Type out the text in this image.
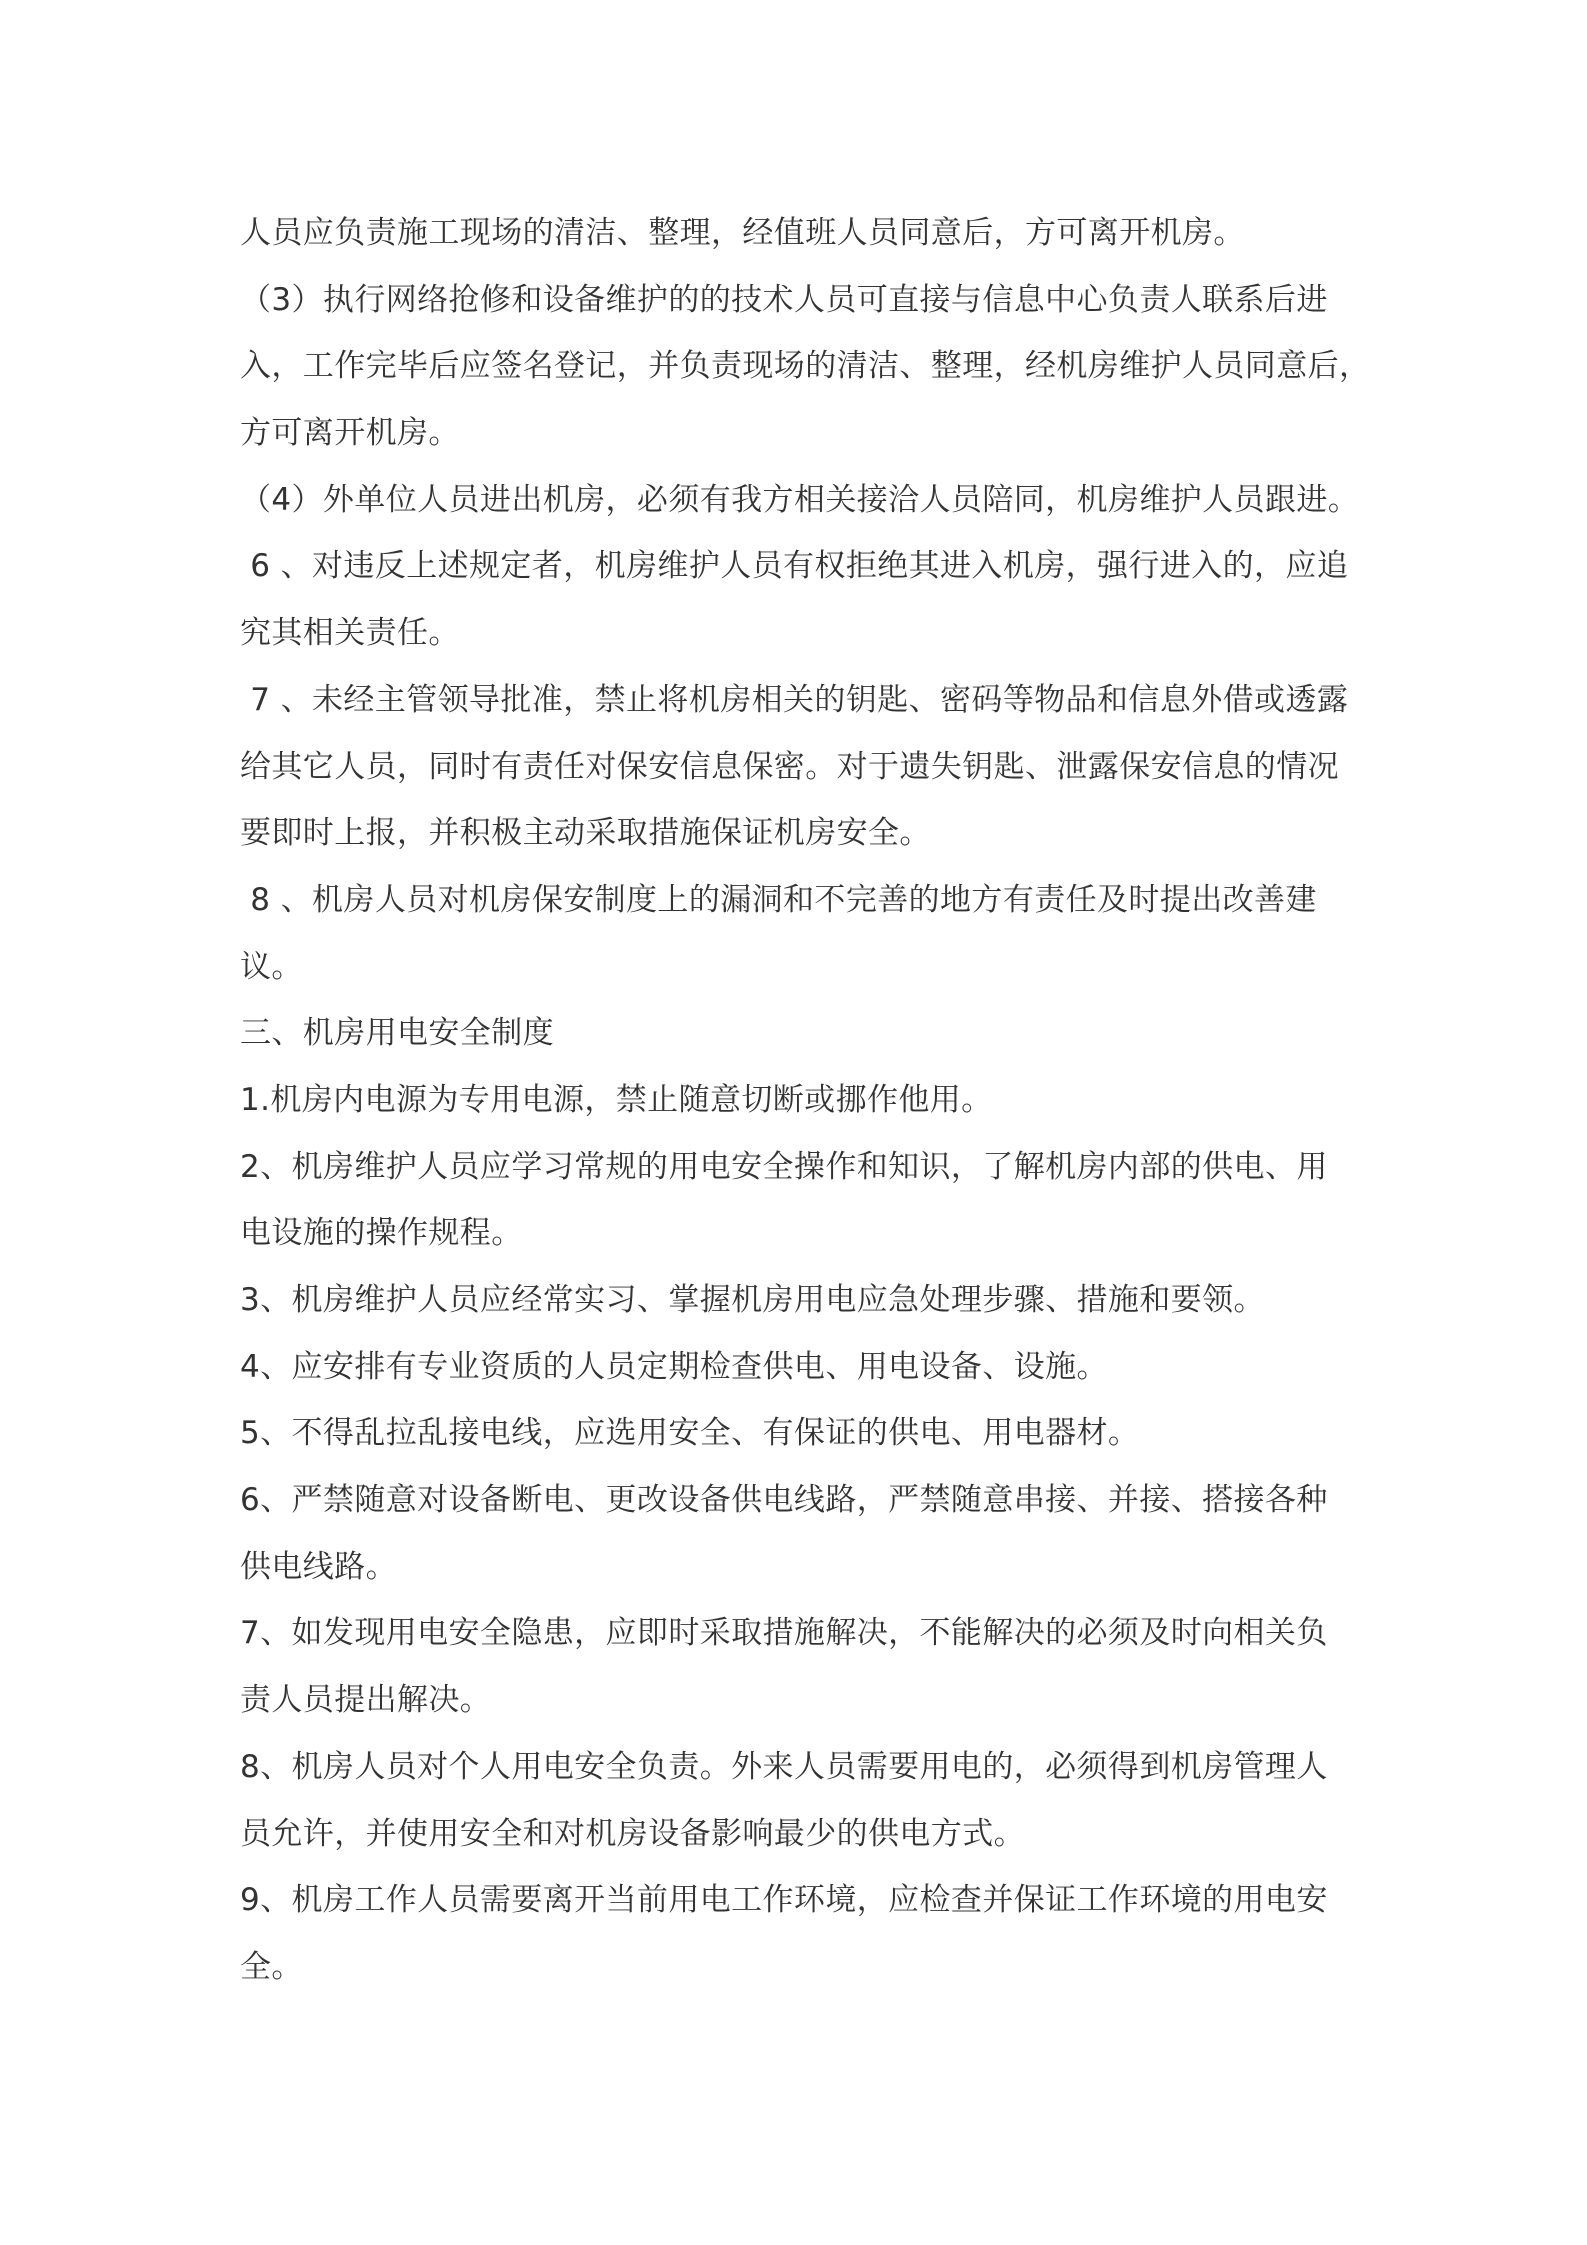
人员应负责施工现场的清洁、整理，经值班人员同意后，方可离开机房。
（3）执行网络抢修和设备维护的的技术人员可直接与信息中心负责人联系后进
入，工作完毕后应签名登记，并负责现场的清洁、整理，经机房维护人员同意后，
方可离开机房。
（4）外单位人员进出机房，必须有我方相关接洽人员陪同，机房维护人员跟进。
6 、对违反上述规定者，机房维护人员有权拒绝其进入机房，强行进入的，应追
究其相关责任。
7 、未经主管领导批准，禁止将机房相关的钥匙、密码等物品和信息外借或透露
给其它人员，同时有责任对保安信息保密。对于遗失钥匙、泄露保安信息的情况
要即时上报，并积极主动采取措施保证机房安全。
8 、机房人员对机房保安制度上的漏洞和不完善的地方有责任及时提出改善建
议。
三、机房用电安全制度
1.机房内电源为专用电源，禁止随意切断或挪作他用。
2、机房维护人员应学习常规的用电安全操作和知识，了解机房内部的供电、用
电设施的操作规程。
3、机房维护人员应经常实习、掌握机房用电应急处理步骤、措施和要领。
4、应安排有专业资质的人员定期检查供电、用电设备、设施。
5、不得乱拉乱接电线，应选用安全、有保证的供电、用电器材。
6、严禁随意对设备断电、更改设备供电线路，严禁随意串接、并接、搭接各种
供电线路。
7、如发现用电安全隐患，应即时采取措施解决，不能解决的必须及时向相关负
责人员提出解决。
8、机房人员对个人用电安全负责。外来人员需要用电的，必须得到机房管理人
员允许，并使用安全和对机房设备影响最少的供电方式。
9、机房工作人员需要离开当前用电工作环境，应检查并保证工作环境的用电安
全。
